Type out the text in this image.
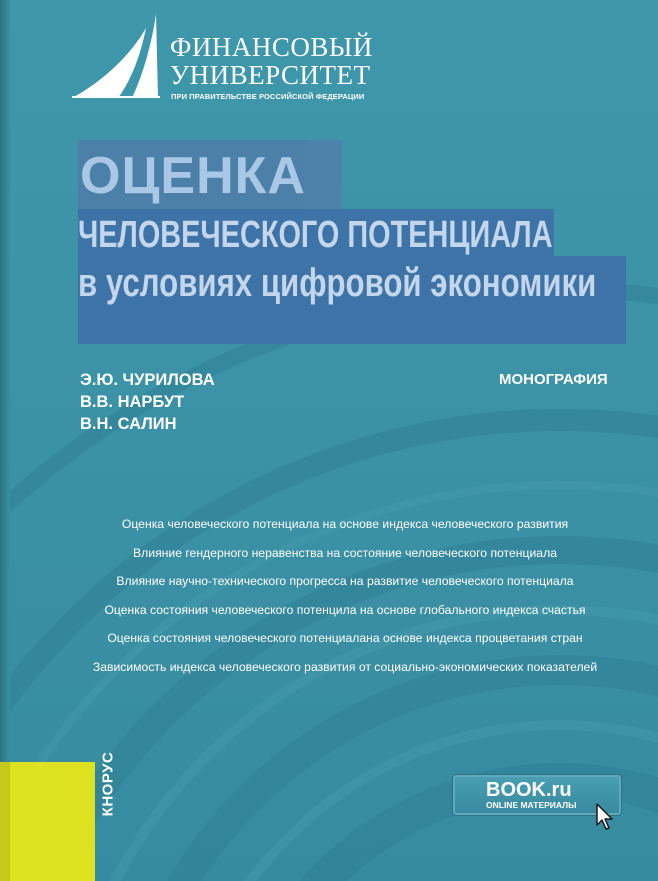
ФИНАНСОВЫЙ
УНИВЕРСИТЕТ
ПРИ ПРАВИТЕЛЬСТВЕ РОССИЙСКОЙ ФЕДЕРАЦИИ
ОЦЕНКА
ЧЕЛОВЕЧЕСКОГО ПОТЕНЦИАЛА
в условиях цифровой экономики
Э.Ю. ЧУРИЛОВА
В.В. НАРБУТ
В.Н. САЛИН
МОНОГРАФИЯ
Оценка человеческого потенциала на основе индекса человеческого развития
Влияние гендерного неравенства на состояние человеческого потенциала
Влияние научно-технического прогресса на развитие человеческого потенциала
Оценка состояния человеческого потенцила на основе глобального индекса счастья
Оценка состояния человеческого потенциалана основе индекса процветания стран
Зависимость индекса человеческого развития от социально-экономических показателей
КНОРУС	BOOK.ru
ONLINE МАТЕРИАЛЫ
